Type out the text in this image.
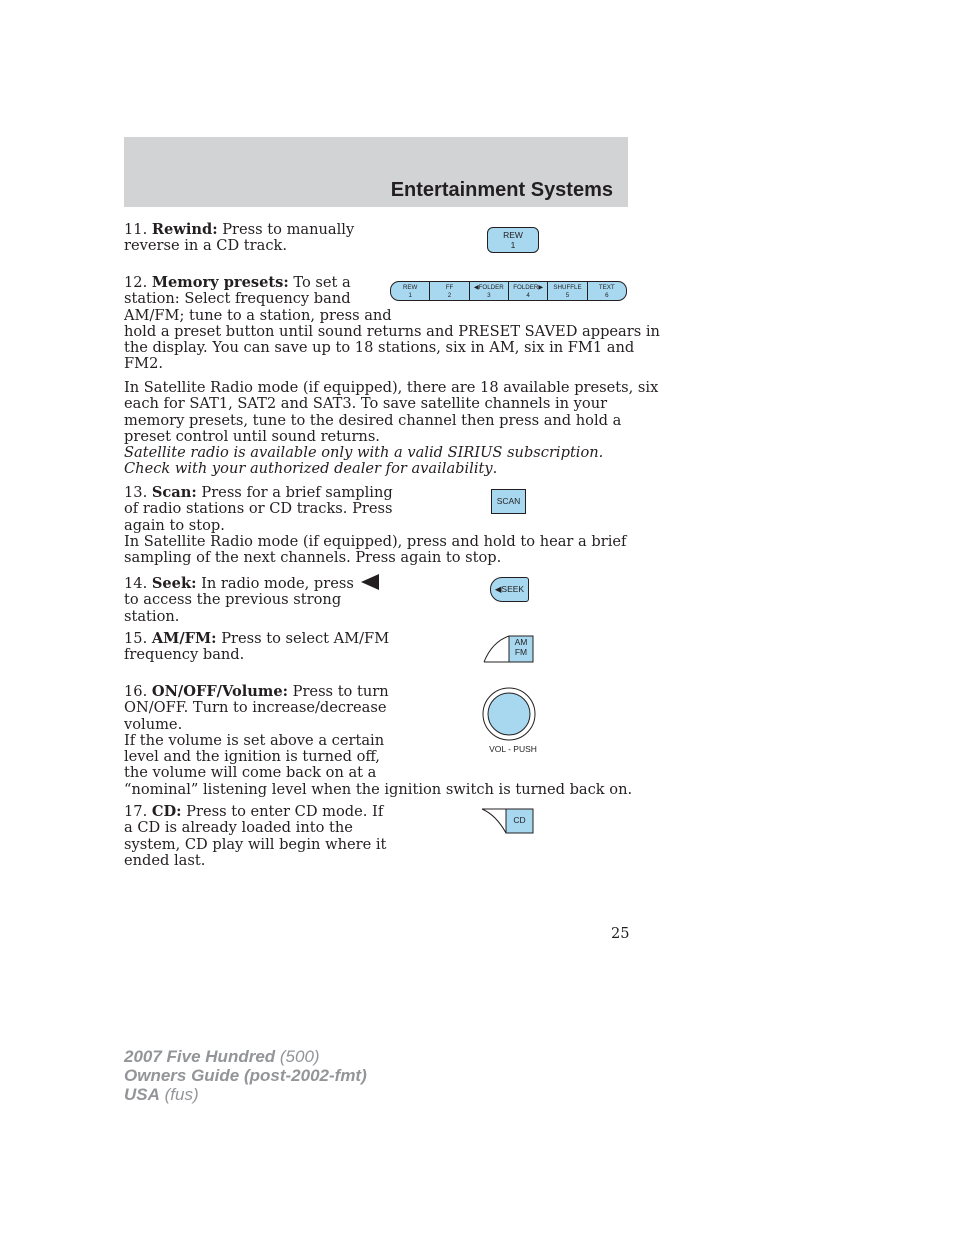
Entertainment Systems

11. Rewind: Press to manually
reverse in a CD track.

REW
1

12. Memory presets: To set a
station: Select frequency band
AM/FM; tune to a station, press and
hold a preset button until sound returns and PRESET SAVED appears in
the display. You can save up to 18 stations, six in AM, six in FM1 and
FM2.

REW
1
FF
2
◀FOLDER
3
FOLDER▶
4
SHUFFLE
5
TEXT
6

In Satellite Radio mode (if equipped), there are 18 available presets, six
each for SAT1, SAT2 and SAT3. To save satellite channels in your
memory presets, tune to the desired channel then press and hold a
preset control until sound returns.
Satellite radio is available only with a valid SIRIUS subscription.
Check with your authorized dealer for availability.

13. Scan: Press for a brief sampling
of radio stations or CD tracks. Press
again to stop.
In Satellite Radio mode (if equipped), press and hold to hear a brief
sampling of the next channels. Press again to stop.

SCAN

14. Seek: In radio mode, press
to access the previous strong
station.

◀SEEK

15. AM/FM: Press to select AM/FM
frequency band.

AM
FM

16. ON/OFF/Volume: Press to turn
ON/OFF. Turn to increase/decrease
volume.
If the volume is set above a certain
level and the ignition is turned off,
the volume will come back on at a
“nominal” listening level when the ignition switch is turned back on.

VOL - PUSH

17. CD: Press to enter CD mode. If
a CD is already loaded into the
system, CD play will begin where it
ended last.

CD
25
2007 Five Hundred (500)
Owners Guide (post-2002-fmt)
USA (fus)
